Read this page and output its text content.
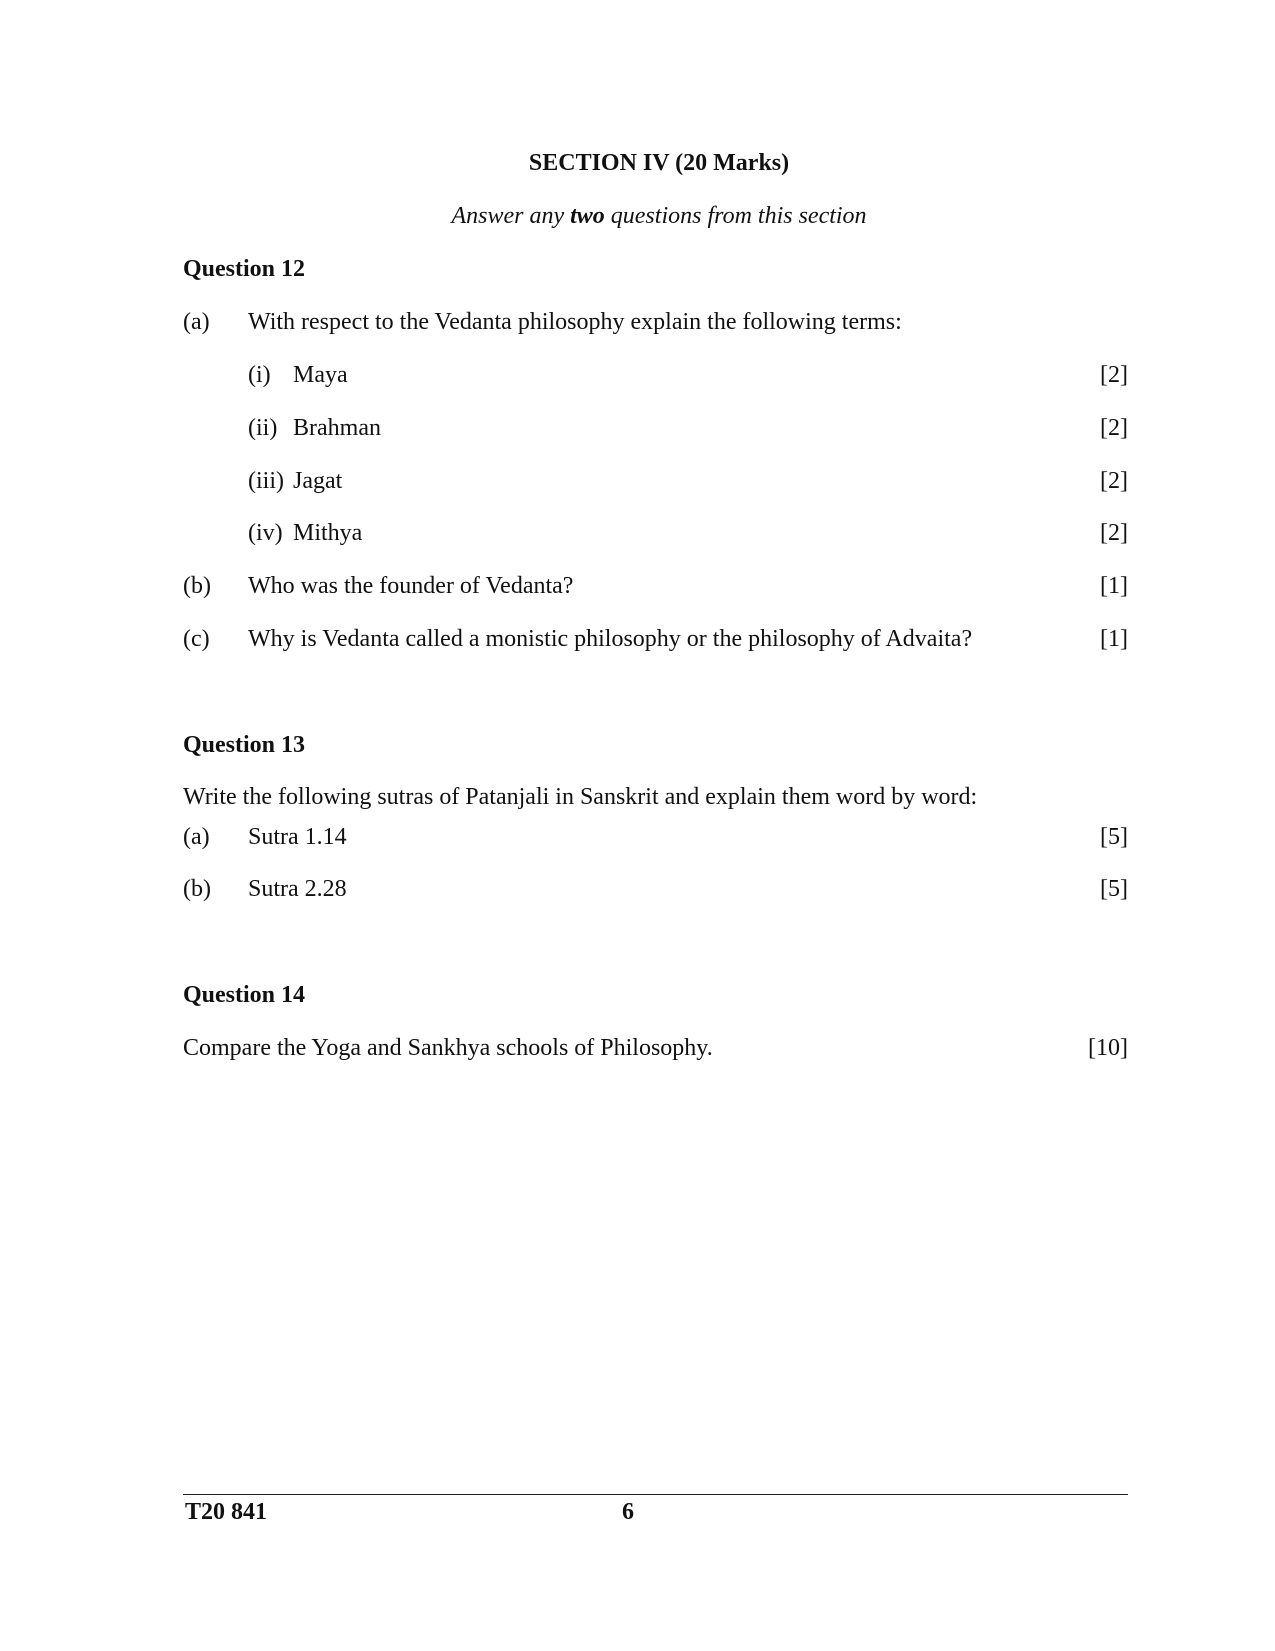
SECTION IV (20 Marks)
Answer any two questions from this section
Question 12
(a) With respect to the Vedanta philosophy explain the following terms:
(i) Maya	[2]
(ii) Brahman	[2]
(iii) Jagat	[2]
(iv) Mithya	[2]
(b) Who was the founder of Vedanta?	[1]
(c) Why is Vedanta called a monistic philosophy or the philosophy of Advaita?	[1]
Question 13
Write the following sutras of Patanjali in Sanskrit and explain them word by word:
(a) Sutra 1.14	[5]
(b) Sutra 2.28	[5]
Question 14
Compare the Yoga and Sankhya schools of Philosophy.	[10]
T20 841	6
